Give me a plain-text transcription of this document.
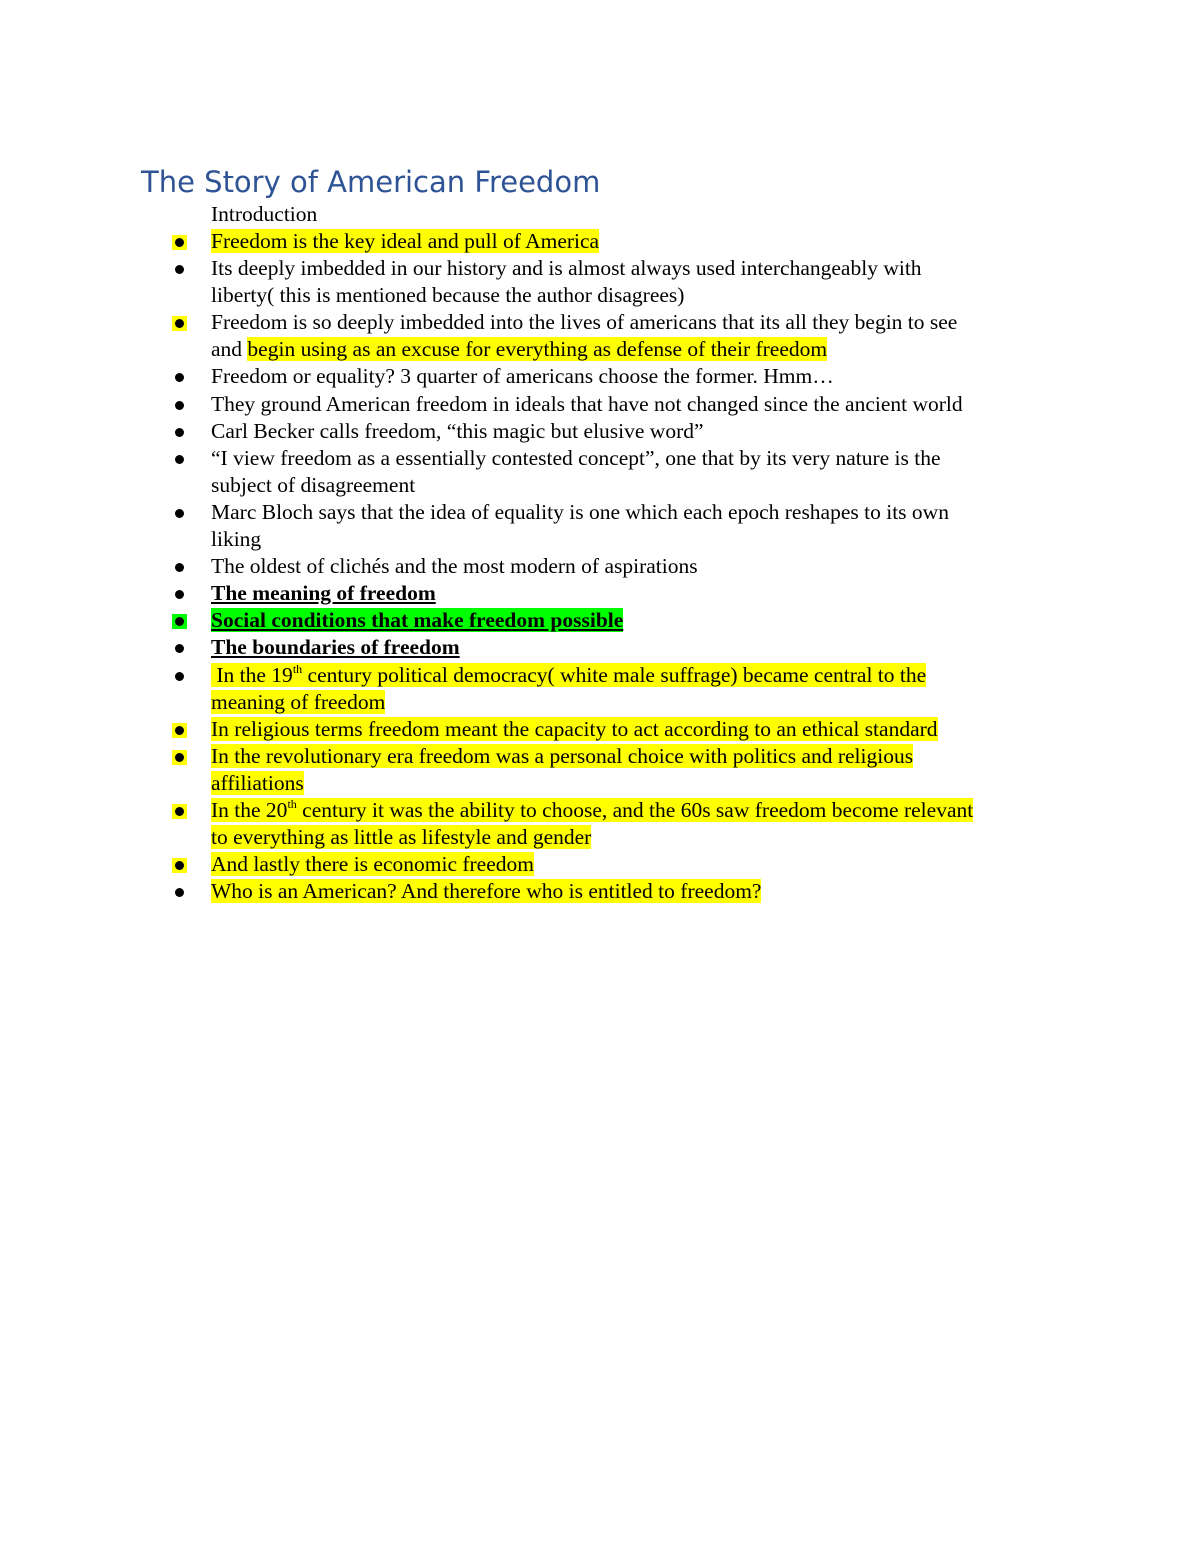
The Story of American Freedom
Introduction
Freedom is the key ideal and pull of America
Its deeply imbedded in our history and is almost always used interchangeably with
liberty( this is mentioned because the author disagrees)
Freedom is so deeply imbedded into the lives of americans that its all they begin to see
and begin using as an excuse for everything as defense of their freedom
Freedom or equality? 3 quarter of americans choose the former. Hmm…
They ground American freedom in ideals that have not changed since the ancient world
Carl Becker calls freedom, “this magic but elusive word”
“I view freedom as a essentially contested concept”, one that by its very nature is the
subject of disagreement
Marc Bloch says that the idea of equality is one which each epoch reshapes to its own
liking
The oldest of clichés and the most modern of aspirations
The meaning of freedom
Social conditions that make freedom possible
The boundaries of freedom
In the 19th century political democracy( white male suffrage) became central to the
meaning of freedom
In religious terms freedom meant the capacity to act according to an ethical standard
In the revolutionary era freedom was a personal choice with politics and religious
affiliations
In the 20th century it was the ability to choose, and the 60s saw freedom become relevant
to everything as little as lifestyle and gender
And lastly there is economic freedom
Who is an American? And therefore who is entitled to freedom?
